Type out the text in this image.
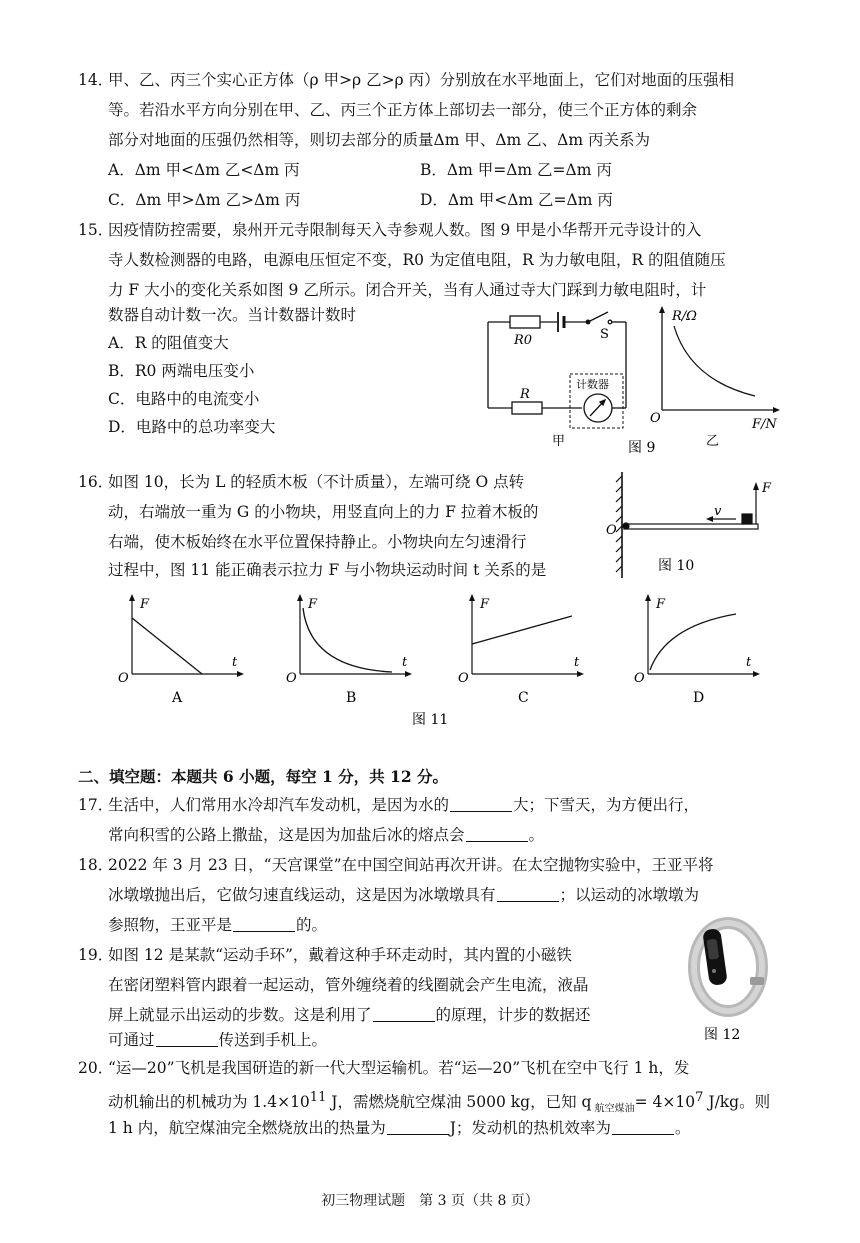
14．
甲、乙、丙三个实心正方体（ρ 甲>ρ 乙>ρ 丙）分别放在水平地面上，它们对地面的压强相
等。若沿水平方向分别在甲、乙、丙三个正方体上部切去一部分，使三个正方体的剩余
部分对地面的压强仍然相等，则切去部分的质量Δm 甲、Δm 乙、Δm 丙关系为
A．Δm 甲<Δm 乙<Δm 丙	B．Δm 甲=Δm 乙=Δm 丙
C．Δm 甲>Δm 乙>Δm 丙	D．Δm 甲<Δm 乙=Δm 丙
15．
因疫情防控需要，泉州开元寺限制每天入寺参观人数。图 9 甲是小华帮开元寺设计的入
寺人数检测器的电路，电源电压恒定不变，R0 为定值电阻，R 为力敏电阻，R 的阻值随压
力 F 大小的变化关系如图 9 乙所示。闭合开关，当有人通过寺大门踩到力敏电阻时，计
数器自动计数一次。当计数器计数时
A．R 的阻值变大
B．R0 两端电压变小
C．电路中的电流变小
D．电路中的总功率变大
R0	S
R
计数器
甲
R/Ω
F/N
O
乙
图 9
16．
如图 10，长为 L 的轻质木板（不计质量），左端可绕 O 点转
动，右端放一重为 G 的小物块，用竖直向上的力 F 拉着木板的
右端，使木板始终在水平位置保持静止。小物块向左匀速滑行
过程中，图 11 能正确表示拉力 F 与小物块运动时间 t 关系的是
O
F
v
图 10
F	F	F	F
t	t	t	t
O	O	O	O
A	B	C	D
图 11
二、填空题：本题共 6 小题，每空 1 分，共 12 分。
17．
生活中，人们常用水冷却汽车发动机，是因为水的	大；下雪天，为方便出行，
常向积雪的公路上撒盐，这是因为加盐后冰的熔点会	。
18．
2022 年 3 月 23 日，“天宫课堂”在中国空间站再次开讲。在太空抛物实验中，王亚平将
冰墩墩抛出后，它做匀速直线运动，这是因为冰墩墩具有	；以运动的冰墩墩为
参照物，王亚平是	的。
19．
如图 12 是某款“运动手环”，戴着这种手环走动时，其内置的小磁铁
在密闭塑料管内跟着一起运动，管外缠绕着的线圈就会产生电流，液晶
屏上就显示出运动的步数。这是利用了	的原理，计步的数据还
可通过	传送到手机上。	图 12
20．
“运—20”飞机是我国研造的新一代大型运输机。若“运—20”飞机在空中飞行 1 h，发
动机输出的机械功为 $1.4\times 10^{11}$ J，需燃烧航空煤油 5000 kg，已知 q $_{航空煤油}= 4\times 10^7$ J/kg。则
1 h 内，航空煤油完全燃烧放出的热量为	J；发动机的热机效率为	。
初三物理试题　第 3 页（共 8 页）
